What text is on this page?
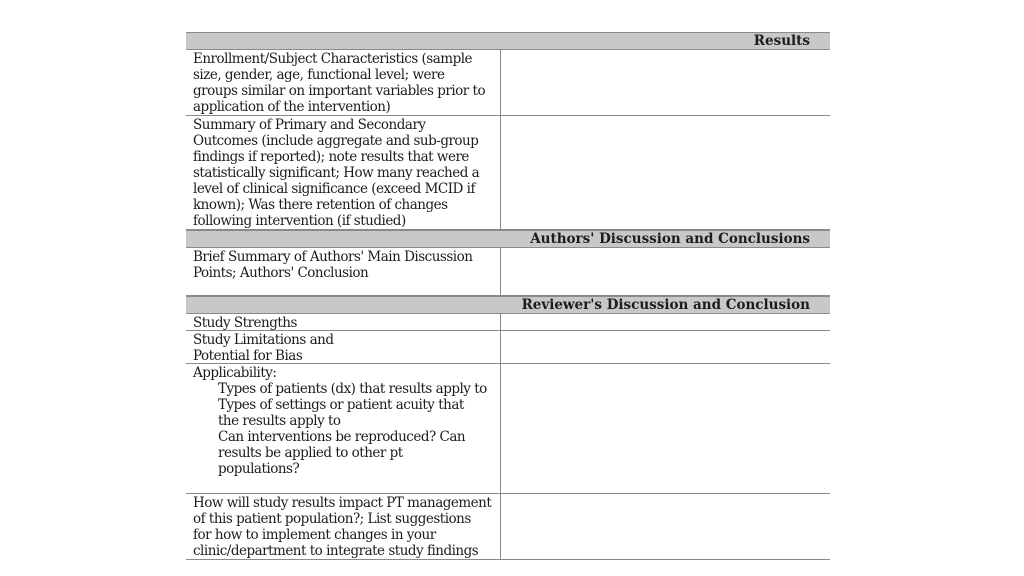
Results
Enrollment/Subject Characteristics (sample
size, gender, age, functional level; were
groups similar on important variables prior to
application of the intervention)
Summary of Primary and Secondary
Outcomes (include aggregate and sub-group
findings if reported); note results that were
statistically significant; How many reached a
level of clinical significance (exceed MCID if
known); Was there retention of changes
following intervention (if studied)
Authors' Discussion and Conclusions
Brief Summary of Authors' Main Discussion
Points; Authors' Conclusion
Reviewer's Discussion and Conclusion
Study Strengths
Study Limitations and
Potential for Bias
Applicability:
Types of patients (dx) that results apply to
Types of settings or patient acuity that
the results apply to
Can interventions be reproduced? Can
results be applied to other pt
populations?
How will study results impact PT management
of this patient population?; List suggestions
for how to implement changes in your
clinic/department to integrate study findings
